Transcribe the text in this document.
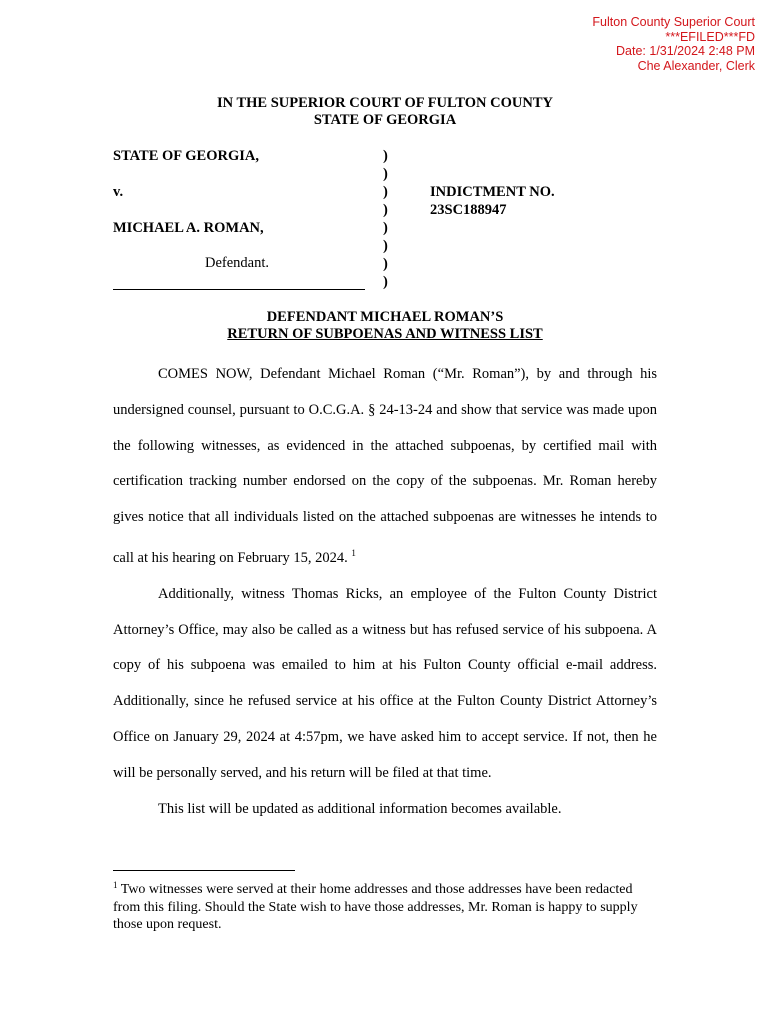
Fulton County Superior Court
***EFILED***FD
Date: 1/31/2024 2:48 PM
Che Alexander, Clerk
IN THE SUPERIOR COURT OF FULTON COUNTY
STATE OF GEORGIA
STATE OF GEORGIA,
v.
MICHAEL A. ROMAN,
Defendant.
)
)
)
)
)
)
)
)
INDICTMENT NO.
23SC188947
DEFENDANT MICHAEL ROMAN’S
RETURN OF SUBPOENAS AND WITNESS LIST

COMES NOW, Defendant Michael Roman (“Mr. Roman”), by and through his undersigned counsel, pursuant to O.C.G.A. § 24-13-24 and show that service was made upon the following witnesses, as evidenced in the attached subpoenas, by certified mail with certification tracking number endorsed on the copy of the subpoenas. Mr. Roman hereby gives notice that all individuals listed on the attached subpoenas are witnesses he intends to call at his hearing on February 15, 2024. $^1$

Additionally, witness Thomas Ricks, an employee of the Fulton County District Attorney’s Office, may also be called as a witness but has refused service of his subpoena. A copy of his subpoena was emailed to him at his Fulton County official e-mail address. Additionally, since he refused service at his office at the Fulton County District Attorney’s Office on January 29, 2024 at 4:57pm, we have asked him to accept service. If not, then he will be personally served, and his return will be filed at that time.

This list will be updated as additional information becomes available.

$^1$ Two witnesses were served at their home addresses and those addresses have been redacted from this filing. Should the State wish to have those addresses, Mr. Roman is happy to supply those upon request.
